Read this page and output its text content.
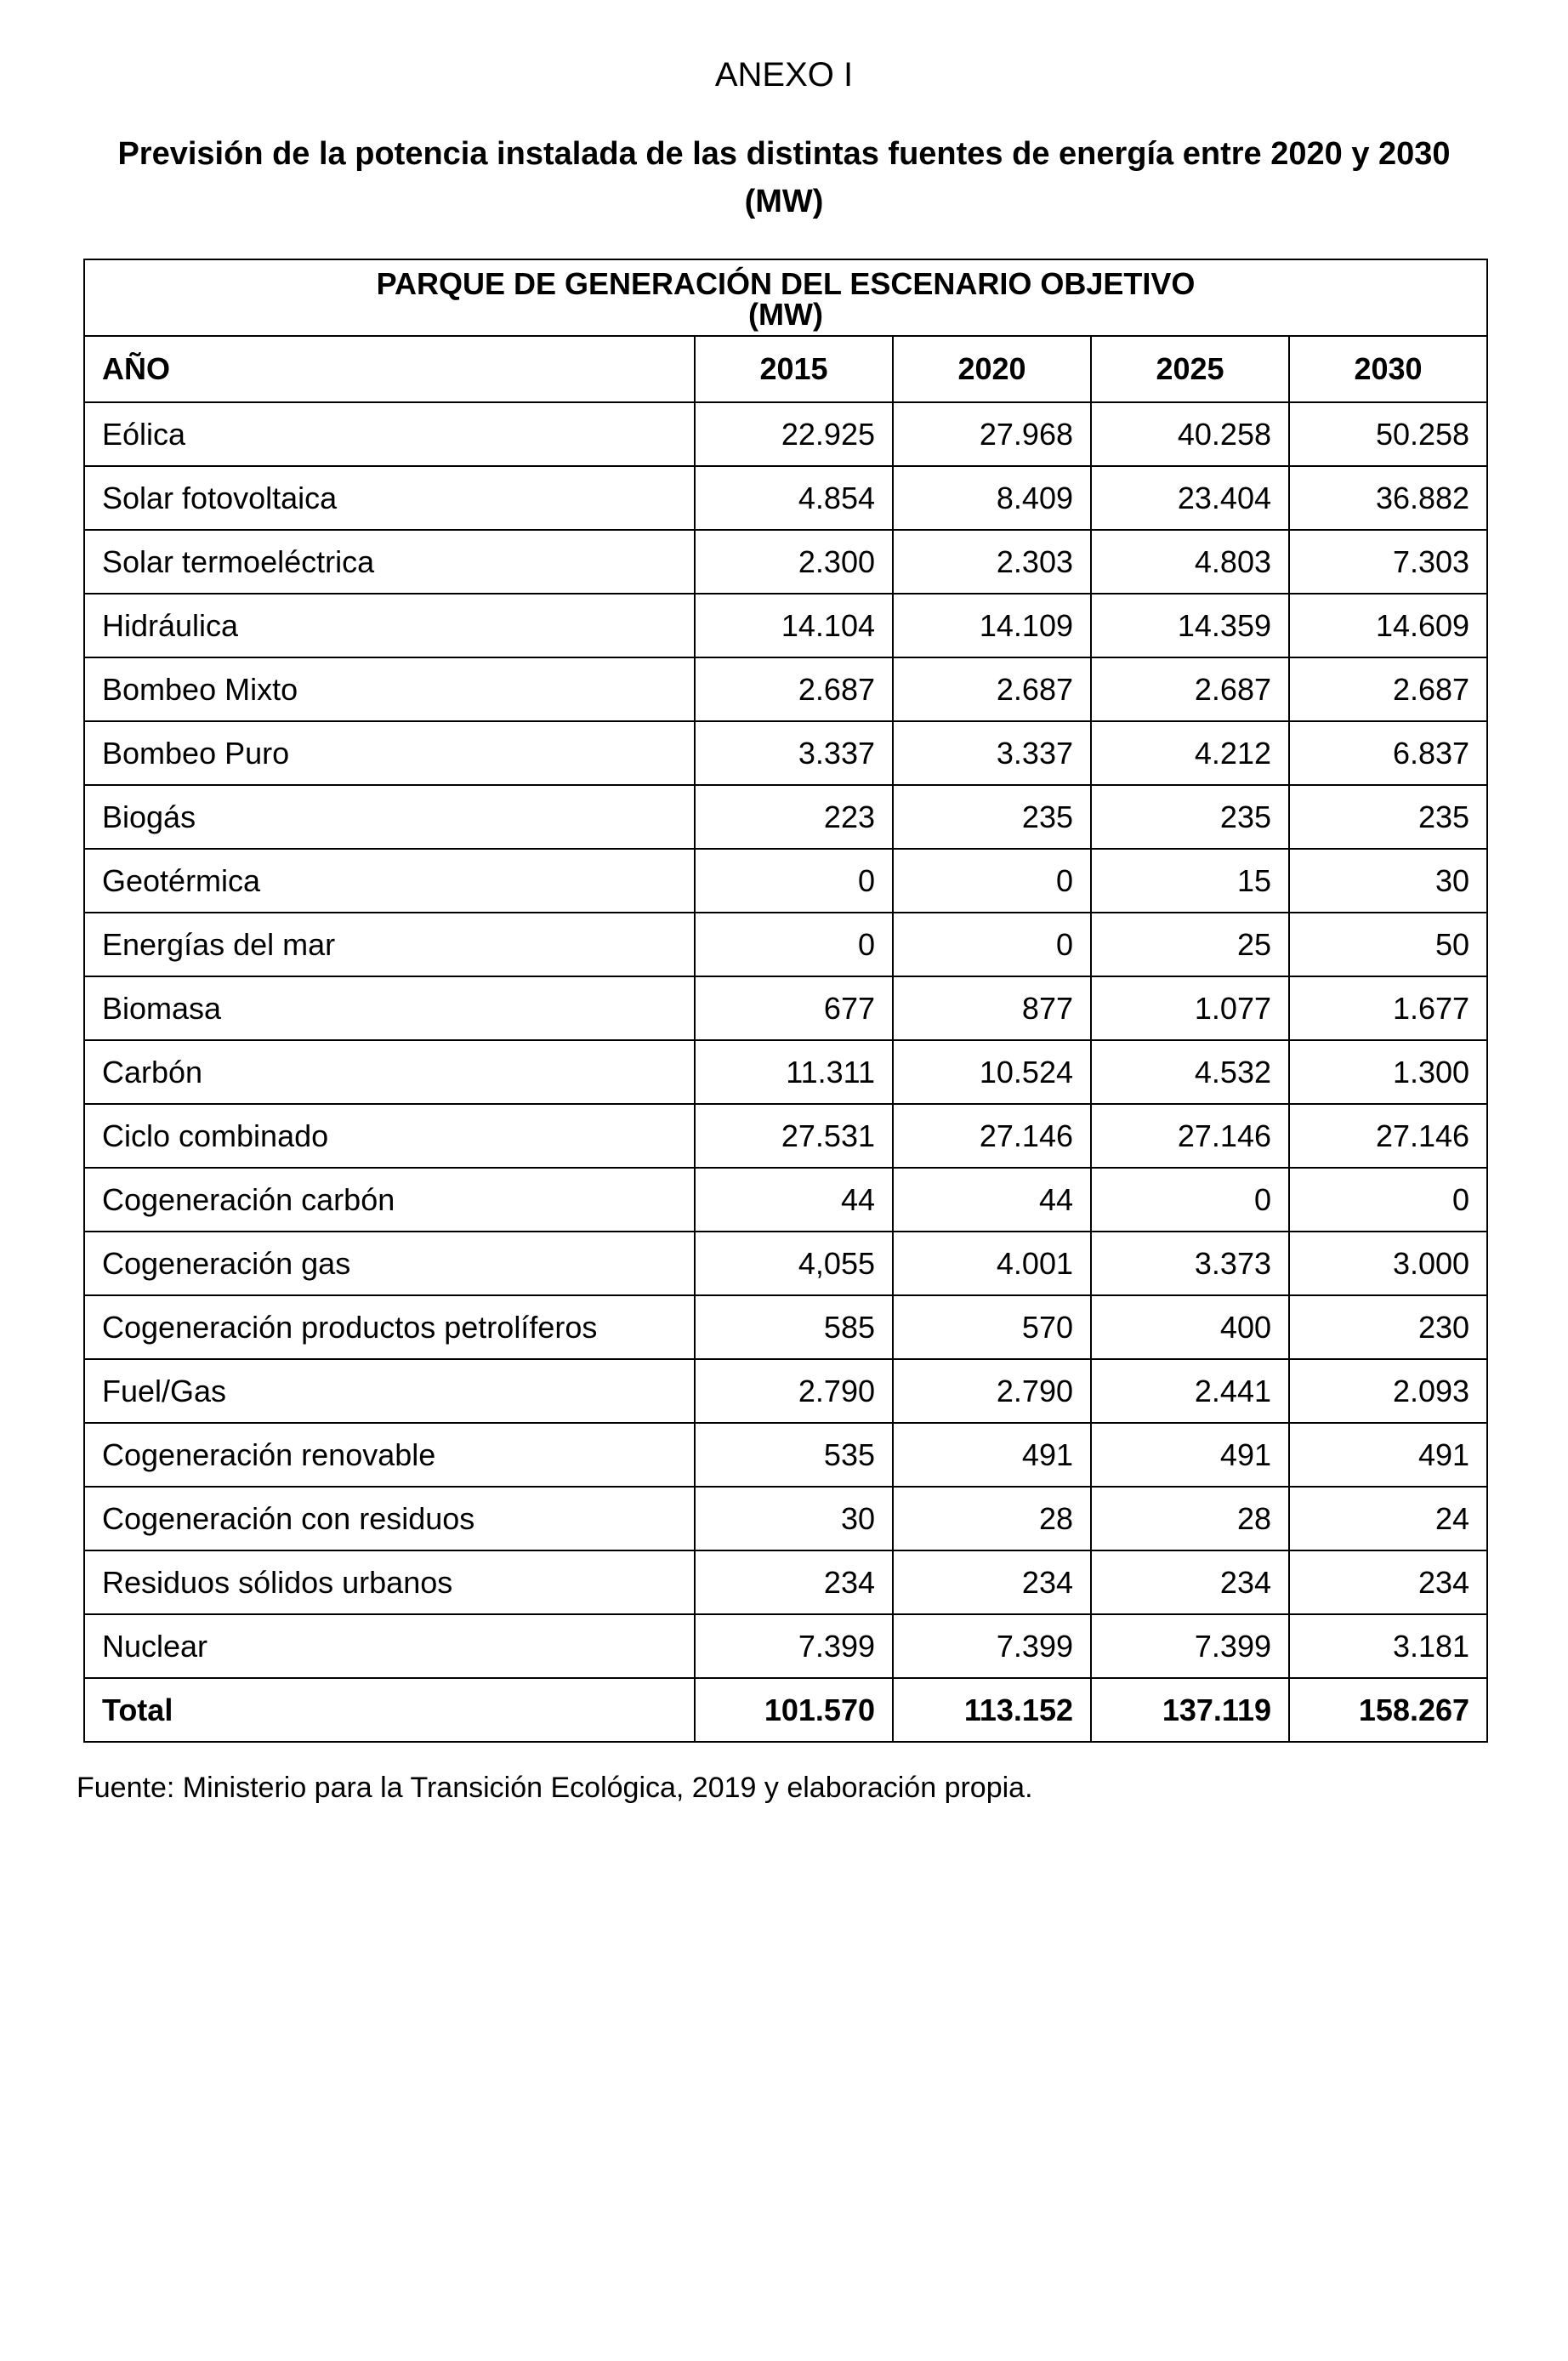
ANEXO I
Previsión de la potencia instalada de las distintas fuentes de energía entre 2020 y 2030
(MW)
PARQUE DE GENERACIÓN DEL ESCENARIO OBJETIVO
(MW)				

AÑO	2015	2020	2025	2030
Eólica	22.925	27.968	40.258	50.258
Solar fotovoltaica	4.854	8.409	23.404	36.882
Solar termoeléctrica	2.300	2.303	4.803	7.303
Hidráulica	14.104	14.109	14.359	14.609
Bombeo Mixto	2.687	2.687	2.687	2.687
Bombeo Puro	3.337	3.337	4.212	6.837
Biogás	223	235	235	235
Geotérmica	0	0	15	30
Energías del mar	0	0	25	50
Biomasa	677	877	1.077	1.677
Carbón	11.311	10.524	4.532	1.300
Ciclo combinado	27.531	27.146	27.146	27.146
Cogeneración carbón	44	44	0	0
Cogeneración gas	4,055	4.001	3.373	3.000
Cogeneración productos petrolíferos	585	570	400	230
Fuel/Gas	2.790	2.790	2.441	2.093
Cogeneración renovable	535	491	491	491
Cogeneración con residuos	30	28	28	24
Residuos sólidos urbanos	234	234	234	234
Nuclear	7.399	7.399	7.399	3.181
Total	101.570	113.152	137.119	158.267
Fuente: Ministerio para la Transición Ecológica, 2019 y elaboración propia.
